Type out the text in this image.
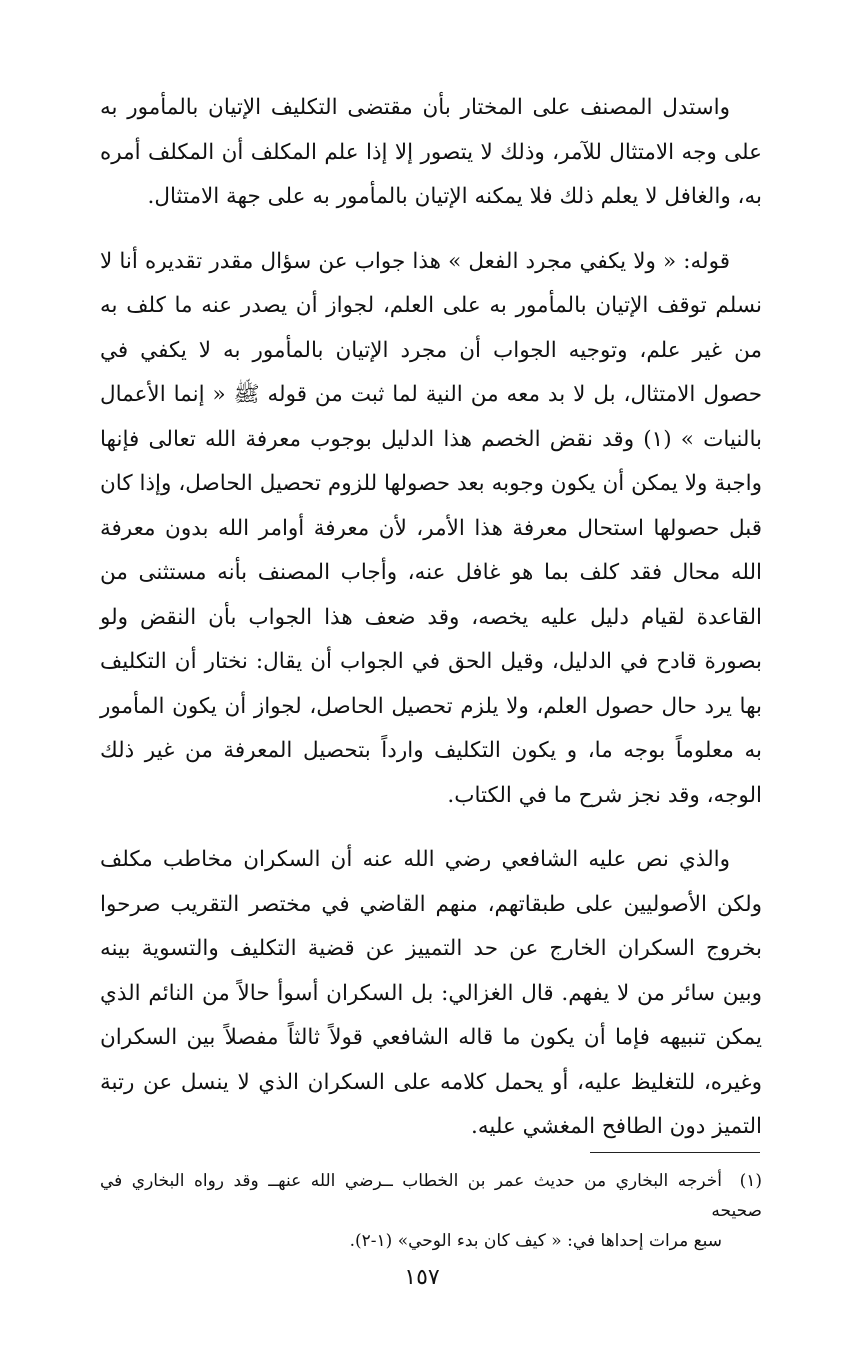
واستدل المصنف على المختار بأن مقتضى التكليف الإتيان بالمأمور به على وجه الامتثال للآمر، وذلك لا يتصور إلا إذا علم المكلف أن المكلف أمره به، والغافل لا يعلم ذلك فلا يمكنه الإتيان بالمأمور به على جهة الامتثال.

قوله: « ولا يكفي مجرد الفعل » هذا جواب عن سؤال مقدر تقديره أنا لا نسلم توقف الإتيان بالمأمور به على العلم، لجواز أن يصدر عنه ما كلف به من غير علم، وتوجيه الجواب أن مجرد الإتيان بالمأمور به لا يكفي في حصول الامتثال، بل لا بد معه من النية لما ثبت من قوله ﷺ « إنما الأعمال بالنيات » (١) وقد نقض الخصم هذا الدليل بوجوب معرفة الله تعالى فإنها واجبة ولا يمكن أن يكون وجوبه بعد حصولها للزوم تحصيل الحاصل، وإذا كان قبل حصولها استحال معرفة هذا الأمر، لأن معرفة أوامر الله بدون معرفة الله محال فقد كلف بما هو غافل عنه، وأجاب المصنف بأنه مستثنى من القاعدة لقيام دليل عليه يخصه، وقد ضعف هذا الجواب بأن النقض ولو بصورة قادح في الدليل، وقيل الحق في الجواب أن يقال: نختار أن التكليف بها يرد حال حصول العلم، ولا يلزم تحصيل الحاصل، لجواز أن يكون المأمور به معلوماً بوجه ما، و يكون التكليف وارداً بتحصيل المعرفة من غير ذلك الوجه، وقد نجز شرح ما في الكتاب.

والذي نص عليه الشافعي رضي الله عنه أن السكران مخاطب مكلف ولكن الأصوليين على طبقاتهم، منهم القاضي في مختصر التقريب صرحوا بخروج السكران الخارج عن حد التمييز عن قضية التكليف والتسوية بينه وبين سائر من لا يفهم. قال الغزالي: بل السكران أسوأ حالاً من النائم الذي يمكن تنبيهه فإما أن يكون ما قاله الشافعي قولاً ثالثاً مفصلاً بين السكران وغيره، للتغليظ عليه، أو يحمل كلامه على السكران الذي لا ينسل عن رتبة التميز دون الطافح المغشي عليه.

(١)أخرجه البخاري من حديث عمر بن الخطاب ــرضي الله عنهــ وقد رواه البخاري في صحيحه
سبع مرات إحداها في: « كيف كان بدء الوحي» (١-٢).
١٥٧
